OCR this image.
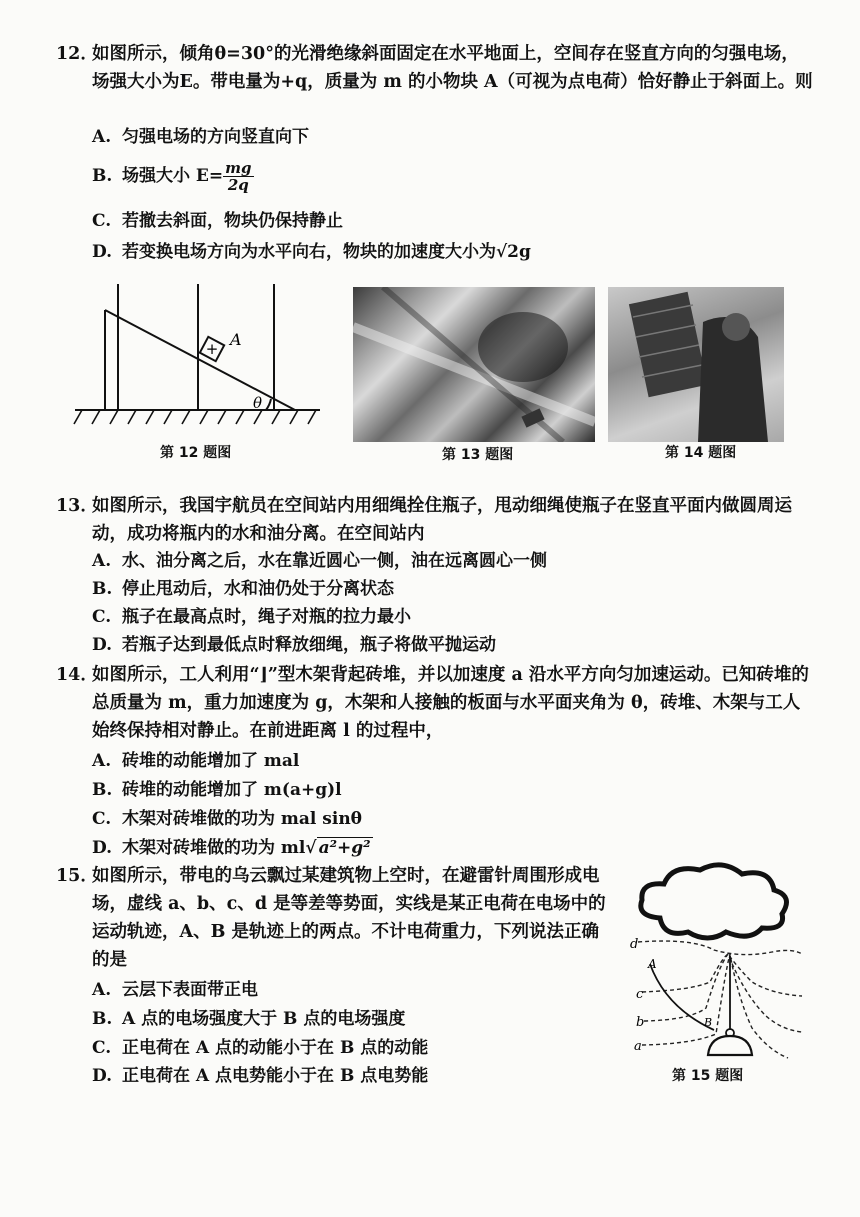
12．
如图所示，倾角θ=30°的光滑绝缘斜面固定在水平地面上，空间存在竖直方向的匀强电场，场强大小为E。带电量为+q，质量为 m 的小物块 A（可视为点电荷）恰好静止于斜面上。则
A. 匀强电场的方向竖直向下
B. 场强大小 $E= \frac{mg}{2q}$
C. 若撤去斜面，物块仍保持静止
D. 若变换电场方向为水平向右，物块的加速度大小为√2g
+ A
θ
第 12 题图	第 13 题图	第 14 题图
13．
如图所示，我国宇航员在空间站内用细绳拴住瓶子，甩动细绳使瓶子在竖直平面内做圆周运动，成功将瓶内的水和油分离。在空间站内
A. 水、油分离之后，水在靠近圆心一侧，油在远离圆心一侧
B. 停止甩动后，水和油仍处于分离状态
C. 瓶子在最高点时，绳子对瓶的拉力最小
D. 若瓶子达到最低点时释放细绳，瓶子将做平抛运动
14．
如图所示，工人利用“⌋”型木架背起砖堆，并以加速度 a 沿水平方向匀加速运动。已知砖堆的总质量为 m，重力加速度为 g，木架和人接触的板面与水平面夹角为 θ，砖堆、木架与工人始终保持相对静止。在前进距离 l 的过程中，
A. 砖堆的动能增加了 mal
B. 砖堆的动能增加了 m(a+g)l
C. 木架对砖堆做的功为 mal sinθ
D. 木架对砖堆做的功为 ml√ a²+g²
15．
如图所示，带电的乌云飘过某建筑物上空时，在避雷针周围形成电场，虚线 a、b、c、d 是等差等势面，实线是某正电荷在电场中的运动轨迹，A、B 是轨迹上的两点。不计电荷重力，下列说法正确的是
A. 云层下表面带正电
B. A 点的电场强度大于 B 点的电场强度
C. 正电荷在 A 点的动能小于在 B 点的动能
D. 正电荷在 A 点电势能小于在 B 点电势能
d
c
b
a
A
B
第 15 题图
